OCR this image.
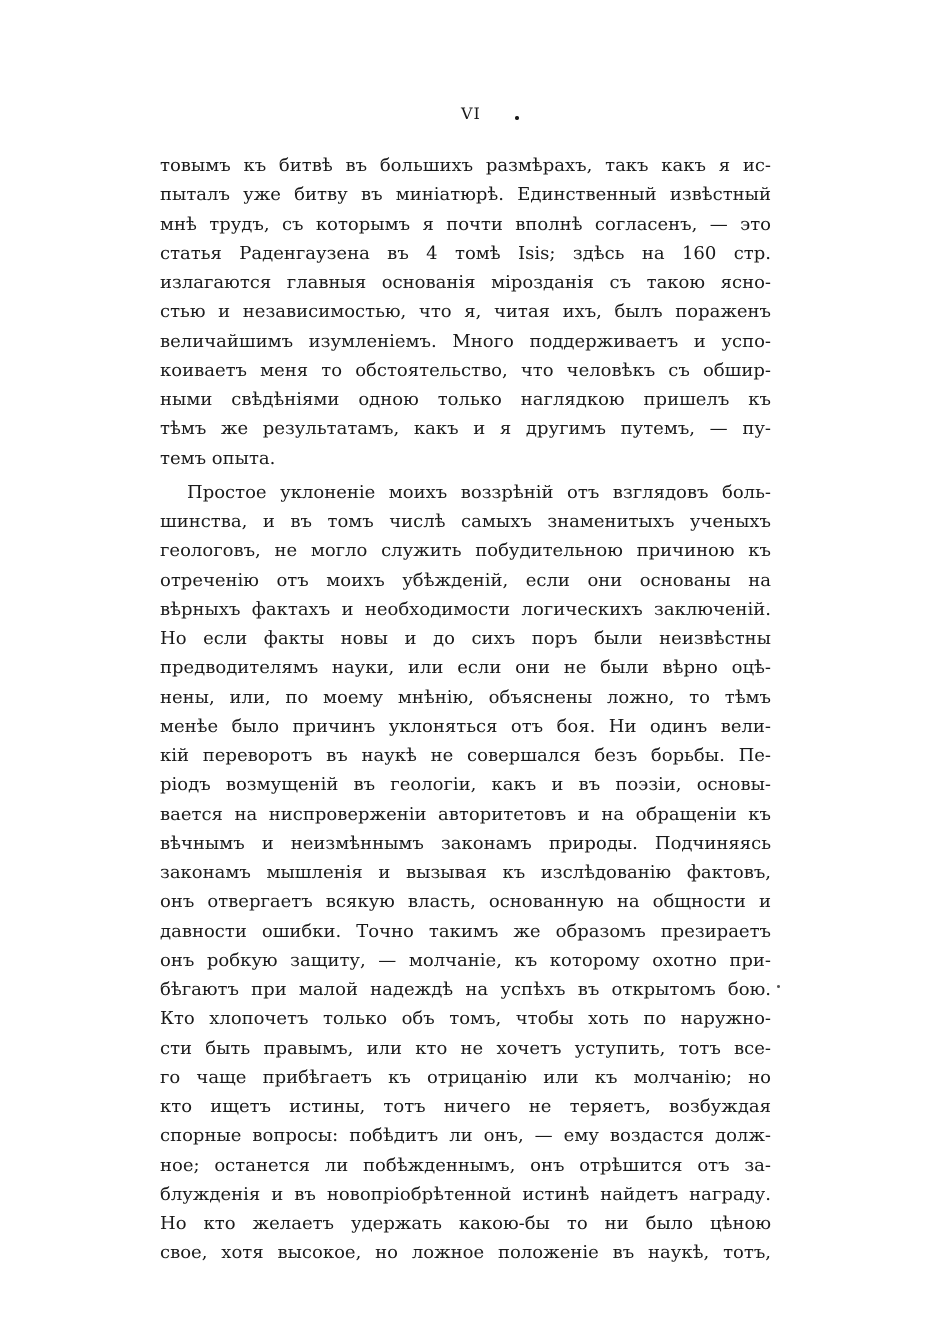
VI
товымъ къ битвѣ въ большихъ размѣрахъ, такъ какъ я ис-
пыталъ уже битву въ миніатюрѣ. Единственный извѣстный
мнѣ трудъ, съ которымъ я почти вполнѣ согласенъ, — это
статья Раденгаузена въ 4 томѣ Isis; здѣсь на 160 стр.
излагаются главныя основанія мірозданія съ такою ясно-
стью и независимостью, что я, читая ихъ, былъ пораженъ
величайшимъ изумленіемъ. Много поддерживаетъ и успо-
коиваетъ меня то обстоятельство, что человѣкъ съ обшир-
ными свѣдѣніями одною только наглядкою пришелъ къ
тѣмъ же результатамъ, какъ и я другимъ путемъ, — пу-
темъ опыта.
Простое уклоненіе моихъ воззрѣній отъ взглядовъ боль-
шинства, и въ томъ числѣ самыхъ знаменитыхъ ученыхъ
геологовъ, не могло служить побудительною причиною къ
отреченію отъ моихъ убѣжденій, если они основаны на
вѣрныхъ фактахъ и необходимости логическихъ заключеній.
Но если факты новы и до сихъ поръ были неизвѣстны
предводителямъ науки, или если они не были вѣрно оцѣ-
нены, или, по моему мнѣнію, объяснены ложно, то тѣмъ
менѣе было причинъ уклоняться отъ боя. Ни одинъ вели-
кій переворотъ въ наукѣ не совершался безъ борьбы. Пе-
ріодъ возмущеній въ геологіи, какъ и въ поэзіи, основы-
вается на ниспроверженіи авторитетовъ и на обращеніи къ
вѣчнымъ и неизмѣннымъ законамъ природы. Подчиняясь
законамъ мышленія и вызывая къ изслѣдованію фактовъ,
онъ отвергаетъ всякую власть, основанную на общности и
давности ошибки. Точно такимъ же образомъ презираетъ
онъ робкую защиту, — молчаніе, къ которому охотно при-
бѣгаютъ при малой надеждѣ на успѣхъ въ открытомъ бою.
Кто хлопочетъ только объ томъ, чтобы хоть по наружно-
сти быть правымъ, или кто не хочетъ уступить, тотъ все-
го чаще прибѣгаетъ къ отрицанію или къ молчанію; но
кто ищетъ истины, тотъ ничего не теряетъ, возбуждая
спорные вопросы: побѣдитъ ли онъ, — ему воздастся долж-
ное; останется ли побѣжденнымъ, онъ отрѣшится отъ за-
блужденія и въ новопріобрѣтенной истинѣ найдетъ награду.
Но кто желаетъ удержать какою-бы то ни было цѣною
свое, хотя высокое, но ложное положеніе въ наукѣ, тотъ,
